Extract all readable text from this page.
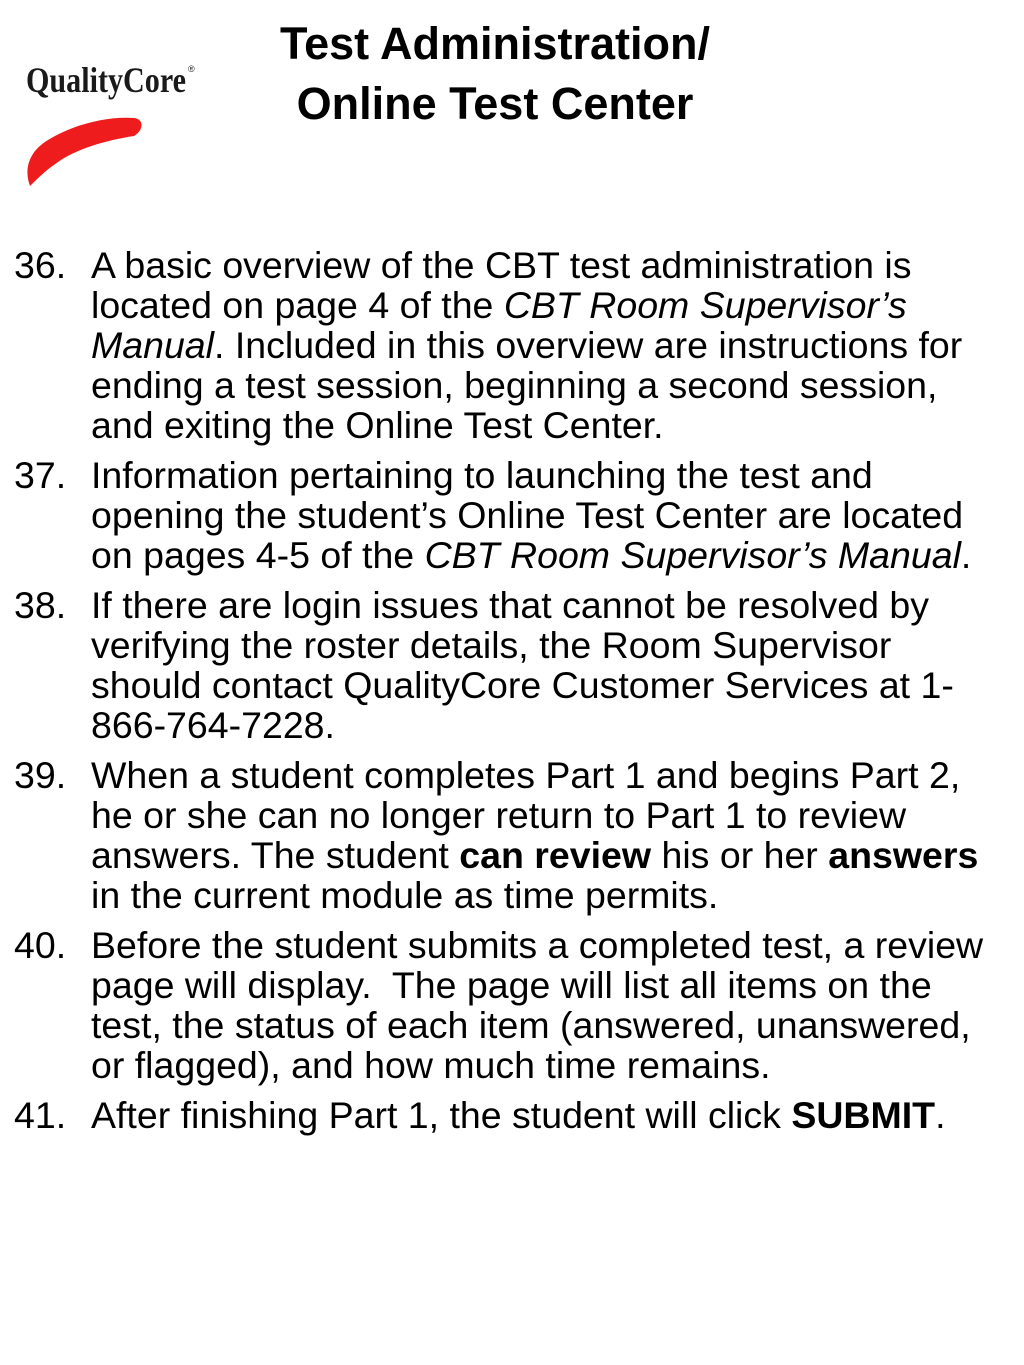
QualityCore ®	Test Administration/
Online Test Center
36. A basic overview of the CBT test administration is located on page 4 of the CBT Room Supervisor’s Manual. Included in this overview are instructions for ending a test session, beginning a second session, and exiting the Online Test Center.
37. Information pertaining to launching the test and opening the student’s Online Test Center are located on pages 4-5 of the CBT Room Supervisor’s Manual.
38. If there are login issues that cannot be resolved by verifying the roster details, the Room Supervisor should contact QualityCore Customer Services at 1-866-764-7228.
39. When a student completes Part 1 and begins Part 2, he or she can no longer return to Part 1 to review answers. The student can review his or her answers in the current module as time permits.
40. Before the student submits a completed test, a review page will display.  The page will list all items on the test, the status of each item (answered, unanswered, or flagged), and how much time remains.
41. After finishing Part 1, the student will click SUBMIT.
